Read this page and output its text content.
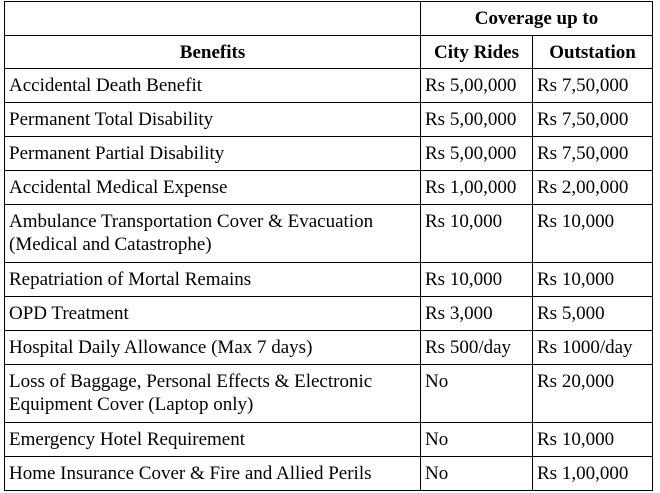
	Coverage up to	
Benefits	City Rides	Outstation
Accidental Death Benefit	Rs 5,00,000	Rs 7,50,000
Permanent Total Disability	Rs 5,00,000	Rs 7,50,000
Permanent Partial Disability	Rs 5,00,000	Rs 7,50,000
Accidental Medical Expense	Rs 1,00,000	Rs 2,00,000
Ambulance Transportation Cover & Evacuation (Medical and Catastrophe)	Rs 10,000	Rs 10,000
Repatriation of Mortal Remains	Rs 10,000	Rs 10,000
OPD Treatment	Rs 3,000	Rs 5,000
Hospital Daily Allowance (Max 7 days)	Rs 500/day	Rs 1000/day
Loss of Baggage, Personal Effects & Electronic Equipment Cover (Laptop only)	No	Rs 20,000
Emergency Hotel Requirement	No	Rs 10,000
Home Insurance Cover & Fire and Allied Perils	No	Rs 1,00,000
